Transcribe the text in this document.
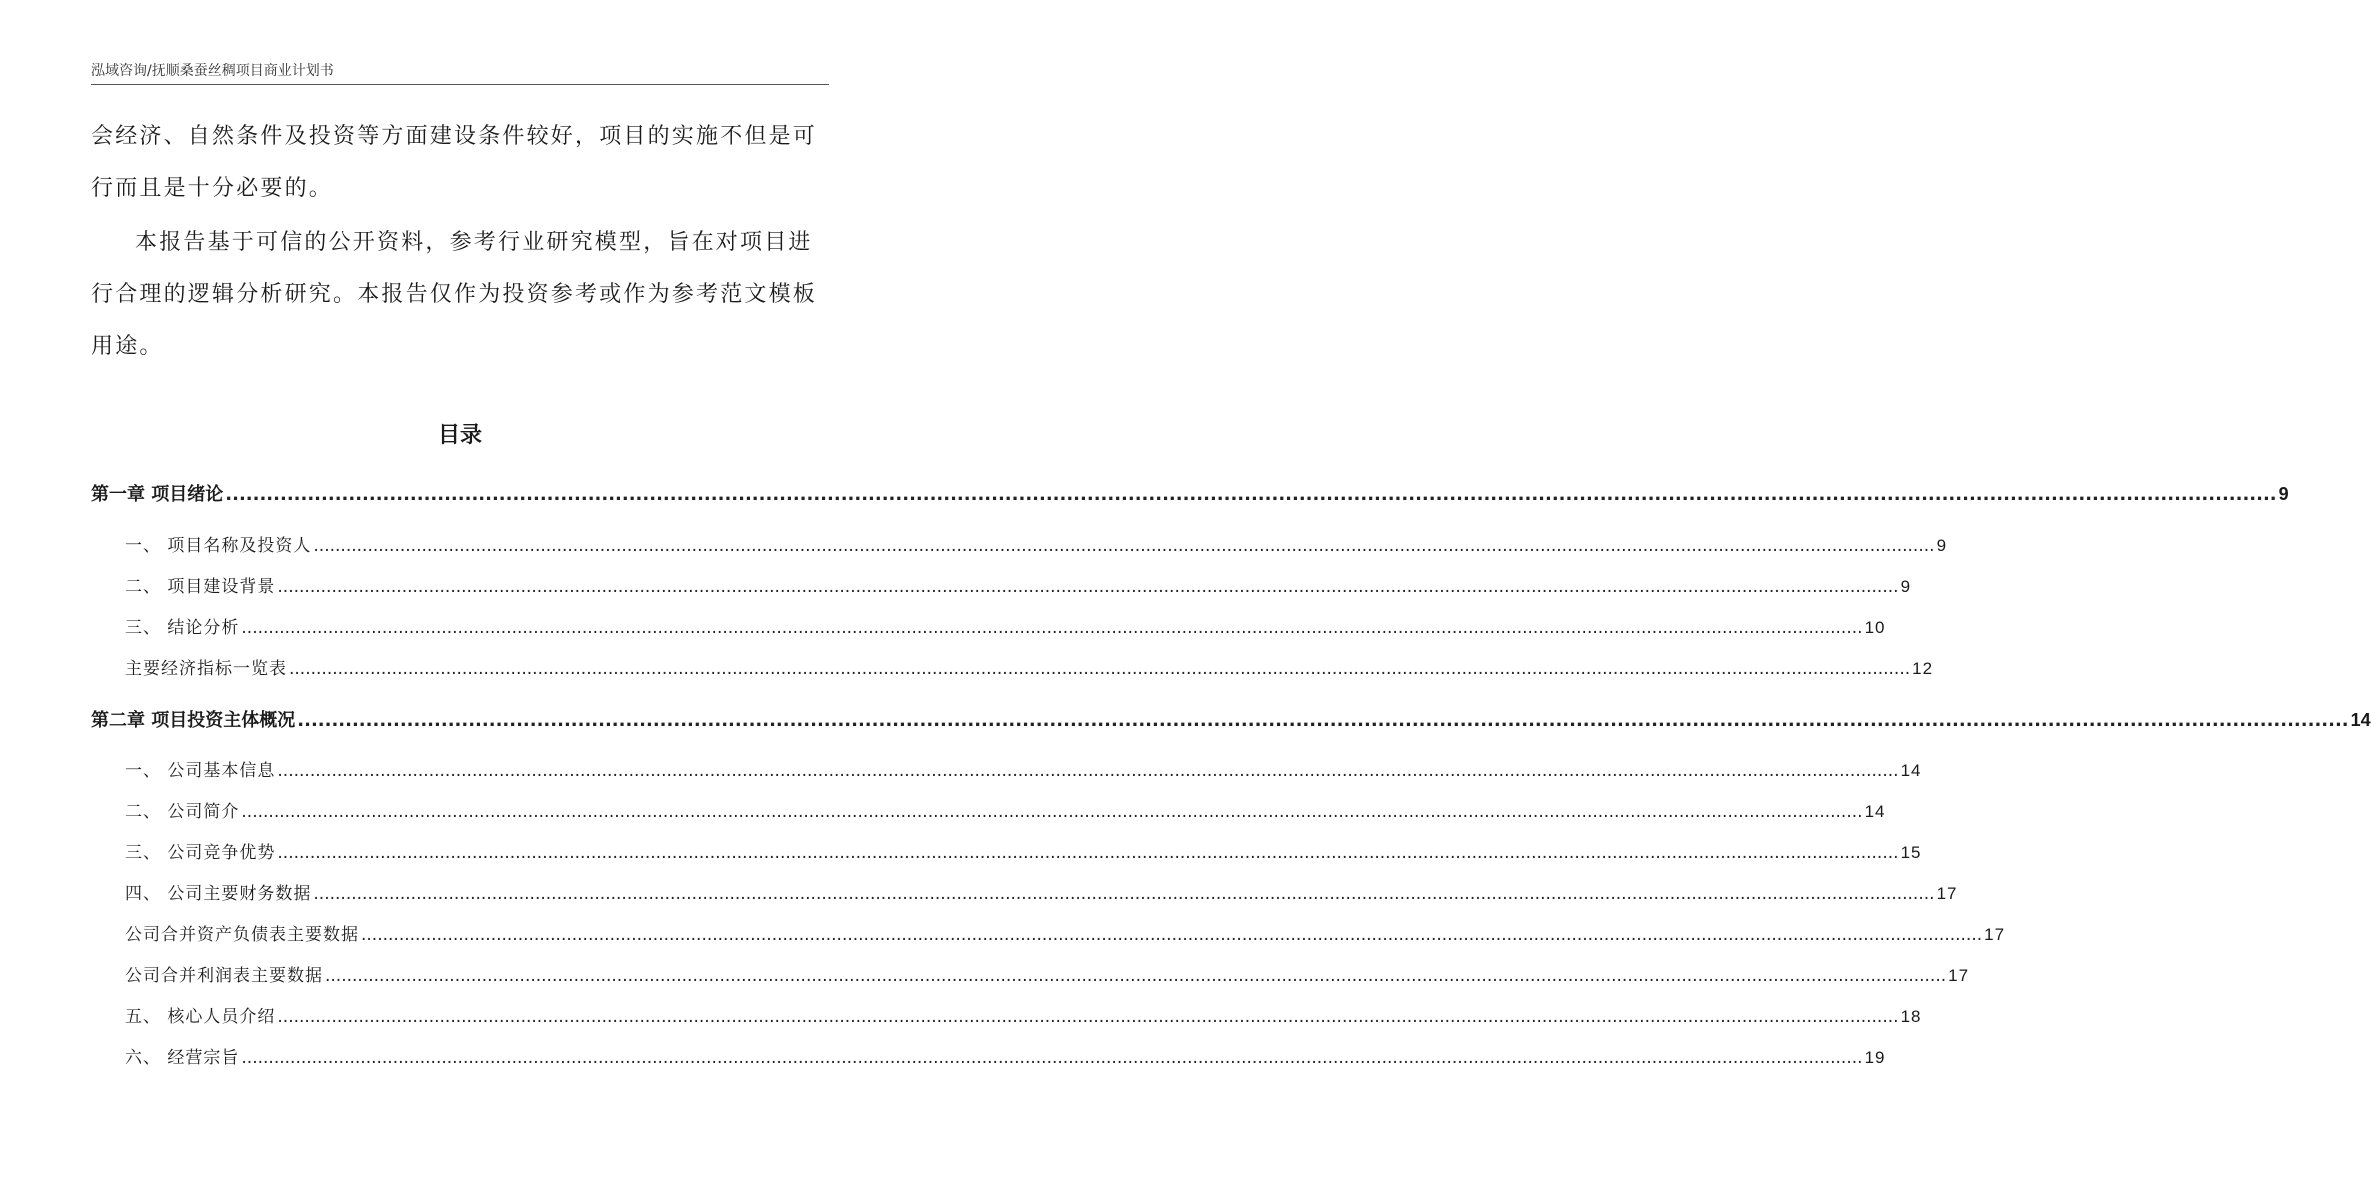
泓域咨询/抚顺桑蚕丝稠项目商业计划书

会经济、自然条件及投资等方面建设条件较好，项目的实施不但是可行而且是十分必要的。

本报告基于可信的公开资料，参考行业研究模型，旨在对项目进行合理的逻辑分析研究。本报告仅作为投资参考或作为参考范文模板用途。

目录
第一章 项目绪论 ............................................................................................................................................................................................................................................................................................................ 9
一、 项目名称及投资人 ............................................................................................................................................................................................................................................................................................................ 9
二、 项目建设背景 ............................................................................................................................................................................................................................................................................................................ 9
三、 结论分析 ............................................................................................................................................................................................................................................................................................................ 10
主要经济指标一览表 ............................................................................................................................................................................................................................................................................................................ 12
第二章 项目投资主体概况 ............................................................................................................................................................................................................................................................................................................ 14
一、 公司基本信息 ............................................................................................................................................................................................................................................................................................................ 14
二、 公司简介 ............................................................................................................................................................................................................................................................................................................ 14
三、 公司竞争优势 ............................................................................................................................................................................................................................................................................................................ 15
四、 公司主要财务数据 ............................................................................................................................................................................................................................................................................................................ 17
公司合并资产负债表主要数据 ............................................................................................................................................................................................................................................................................................................ 17
公司合并利润表主要数据 ............................................................................................................................................................................................................................................................................................................ 17
五、 核心人员介绍 ............................................................................................................................................................................................................................................................................................................ 18
六、 经营宗旨 ............................................................................................................................................................................................................................................................................................................ 19
